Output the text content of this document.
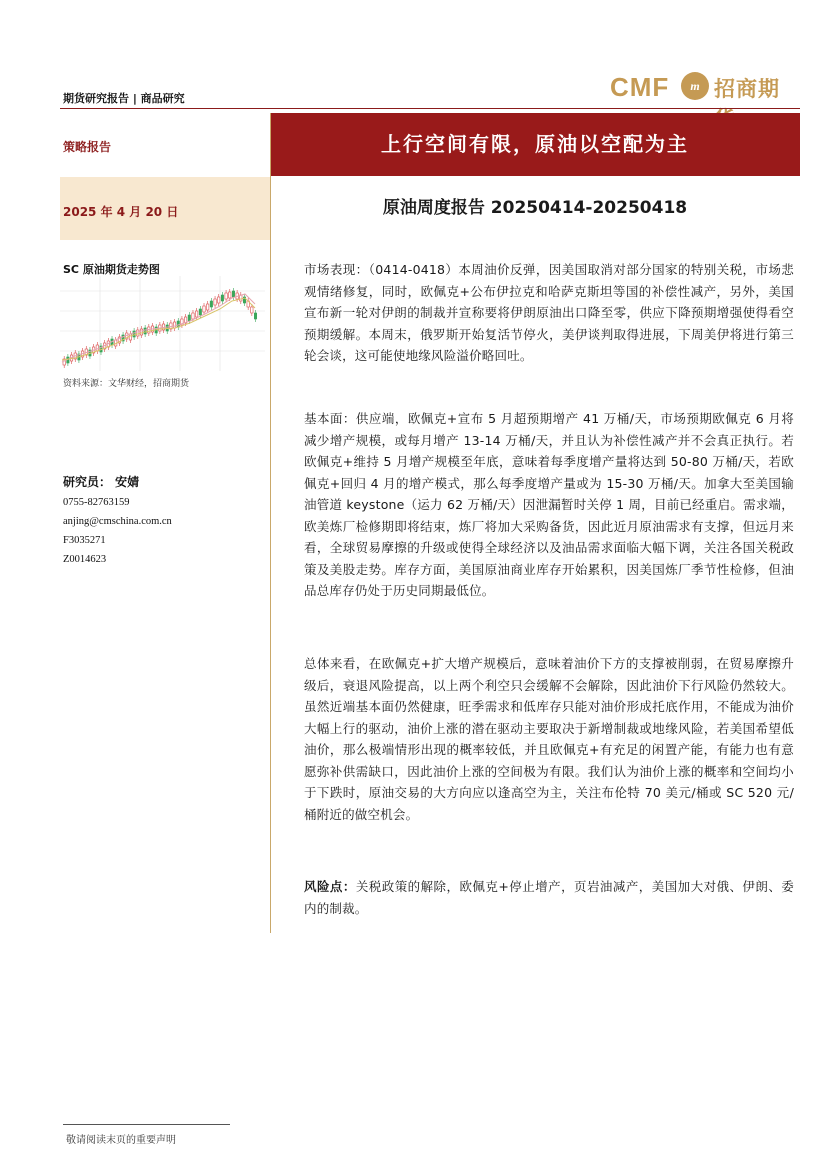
期货研究报告 | 商品研究	CMF	m 招商期
策略报告	上行空间有限，原油以空配为主
2025 年 4 月 20 日	原油周度报告 20250414-20250418
SC 原油期货走势图
资料来源：文华财经，招商期货
研究员： 安婧
0755-82763159
anjing@cmschina.com.cn
F3035271
Z0014623

市场表现：（0414-0418）本周油价反弹，因美国取消对部分国家的特别关税，市场悲观情绪修复，同时，欧佩克+公布伊拉克和哈萨克斯坦等国的补偿性减产，另外，美国宣布新一轮对伊朗的制裁并宣称要将伊朗原油出口降至零，供应下降预期增强使得看空预期缓解。本周末，俄罗斯开始复活节停火，美伊谈判取得进展，下周美伊将进行第三轮会谈，这可能使地缘风险溢价略回吐。

基本面：供应端，欧佩克+宣布 5 月超预期增产 41 万桶/天，市场预期欧佩克 6 月将减少增产规模，或每月增产 13-14 万桶/天，并且认为补偿性减产并不会真正执行。若欧佩克+维持 5 月增产规模至年底，意味着每季度增产量将达到 50-80 万桶/天，若欧佩克+回归 4 月的增产模式，那么每季度增产量或为 15-30 万桶/天。加拿大至美国输油管道 keystone（运力 62 万桶/天）因泄漏暂时关停 1 周，目前已经重启。需求端，欧美炼厂检修期即将结束，炼厂将加大采购备货，因此近月原油需求有支撑，但远月来看，全球贸易摩擦的升级或使得全球经济以及油品需求面临大幅下调，关注各国关税政策及美股走势。库存方面，美国原油商业库存开始累积，因美国炼厂季节性检修，但油品总库存仍处于历史同期最低位。

总体来看，在欧佩克+扩大增产规模后，意味着油价下方的支撑被削弱，在贸易摩擦升级后，衰退风险提高，以上两个利空只会缓解不会解除，因此油价下行风险仍然较大。虽然近端基本面仍然健康，旺季需求和低库存只能对油价形成托底作用，不能成为油价大幅上行的驱动，油价上涨的潜在驱动主要取决于新增制裁或地缘风险，若美国希望低油价，那么极端情形出现的概率较低，并且欧佩克+有充足的闲置产能，有能力也有意愿弥补供需缺口，因此油价上涨的空间极为有限。我们认为油价上涨的概率和空间均小于下跌时，原油交易的大方向应以逢高空为主，关注布伦特 70 美元/桶或 SC 520 元/桶附近的做空机会。

风险点：关税政策的解除，欧佩克+停止增产，页岩油减产，美国加大对俄、伊朗、委内的制裁。

敬请阅读末页的重要声明
